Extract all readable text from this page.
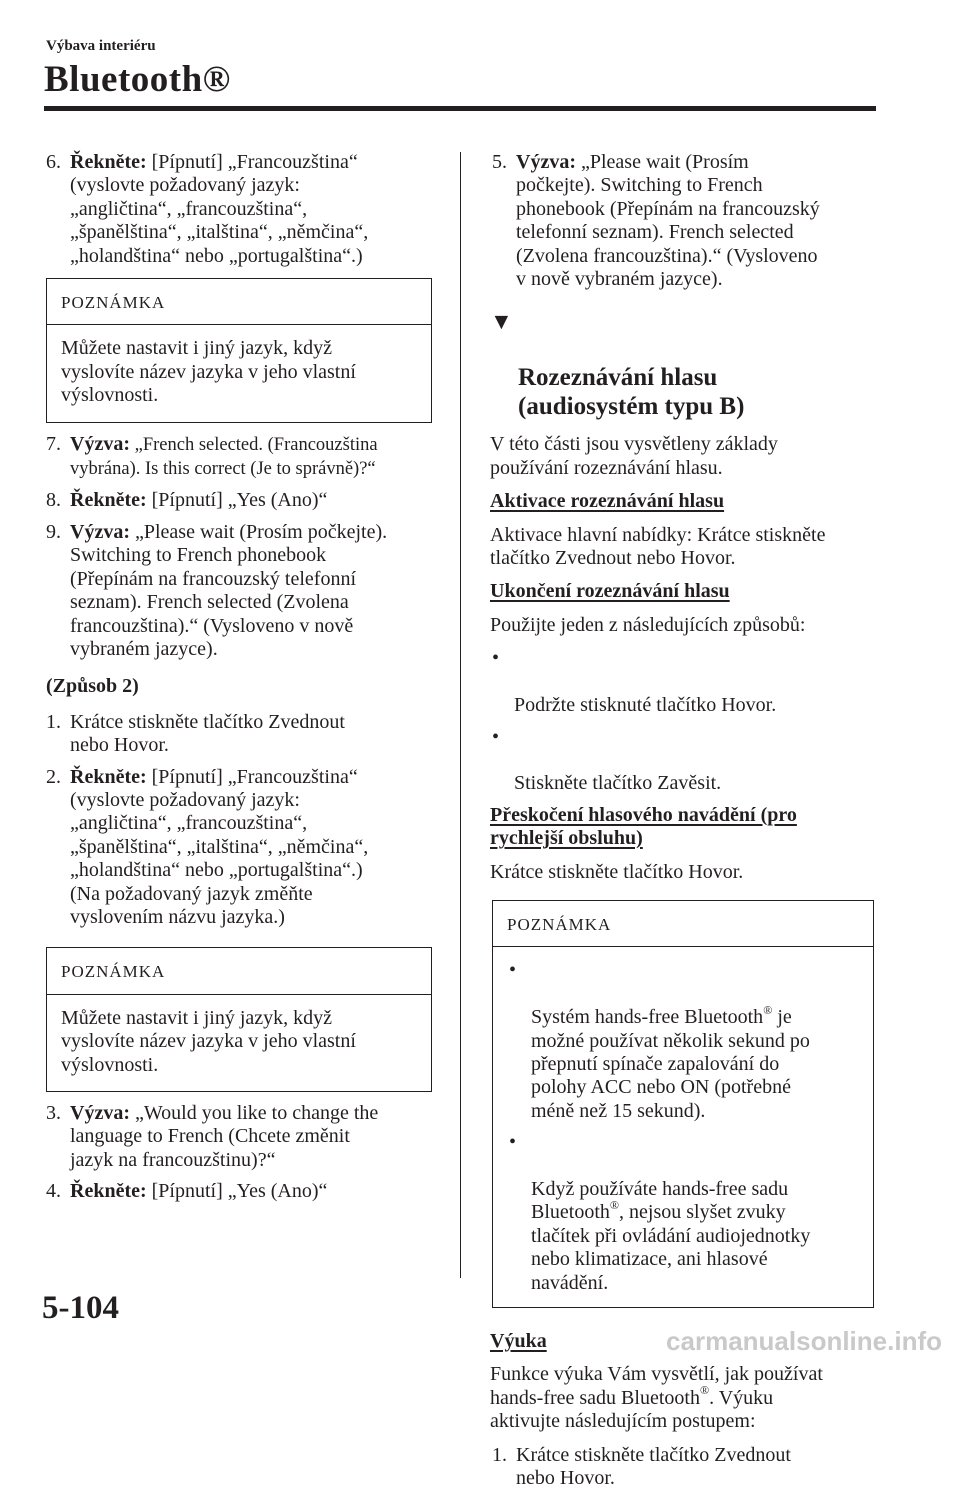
Výbava interiéru
Bluetooth®
6. Řekněte: [Pípnutí] „Francouzština“
(vyslovte požadovaný jazyk:
„angličtina“, „francouzština“,
„španělština“, „italština“, „němčina“,
„holandština“ nebo „portugalština“.)
POZNÁMKA
Můžete nastavit i jiný jazyk, když
vyslovíte název jazyka v jeho vlastní
výslovnosti.
7. Výzva: „French selected. (Francouzština
vybrána). Is this correct (Je to správně)?“
8. Řekněte: [Pípnutí] „Yes (Ano)“
9. Výzva: „Please wait (Prosím počkejte).
Switching to French phonebook
(Přepínám na francouzský telefonní
seznam). French selected (Zvolena
francouzština).“ (Vysloveno v nově
vybraném jazyce).
(Způsob 2)
1. Krátce stiskněte tlačítko Zvednout
nebo Hovor.
2. Řekněte: [Pípnutí] „Francouzština“
(vyslovte požadovaný jazyk:
„angličtina“, „francouzština“,
„španělština“, „italština“, „němčina“,
„holandština“ nebo „portugalština“.)
(Na požadovaný jazyk změňte
vyslovením názvu jazyka.)
POZNÁMKA
Můžete nastavit i jiný jazyk, když
vyslovíte název jazyka v jeho vlastní
výslovnosti.
3. Výzva: „Would you like to change the
language to French (Chcete změnit
jazyk na francouzštinu)?“
4. Řekněte: [Pípnutí] „Yes (Ano)“
5. Výzva: „Please wait (Prosím
počkejte). Switching to French
phonebook (Přepínám na francouzský
telefonní seznam). French selected
(Zvolena francouzština).“ (Vysloveno
v nově vybraném jazyce).

▼

Rozeznávání hlasu
(audiosystém typu B)

V této části jsou vysvětleny základy
používání rozeznávání hlasu.
Aktivace rozeznávání hlasu
Aktivace hlavní nabídky: Krátce stiskněte
tlačítko Zvednout nebo Hovor.
Ukončení rozeznávání hlasu
Použijte jeden z následujících způsobů:

•

Podržte stisknuté tlačítko Hovor.

•

Stiskněte tlačítko Zavěsit.

Přeskočení hlasového navádění (pro
rychlejší obsluhu)
Krátce stiskněte tlačítko Hovor.
POZNÁMKA

•

Systém hands-free Bluetooth® je
možné používat několik sekund po
přepnutí spínače zapalování do
polohy ACC nebo ON (potřebné
méně než 15 sekund).

•

Když používáte hands-free sadu
Bluetooth®, nejsou slyšet zvuky
tlačítek při ovládání audiojednotky
nebo klimatizace, ani hlasové
navádění.

Výuka
Funkce výuka Vám vysvětlí, jak používat
hands-free sadu Bluetooth®. Výuku
aktivujte následujícím postupem:
1. Krátce stiskněte tlačítko Zvednout
nebo Hovor.
5-104
carmanualsonline.info
